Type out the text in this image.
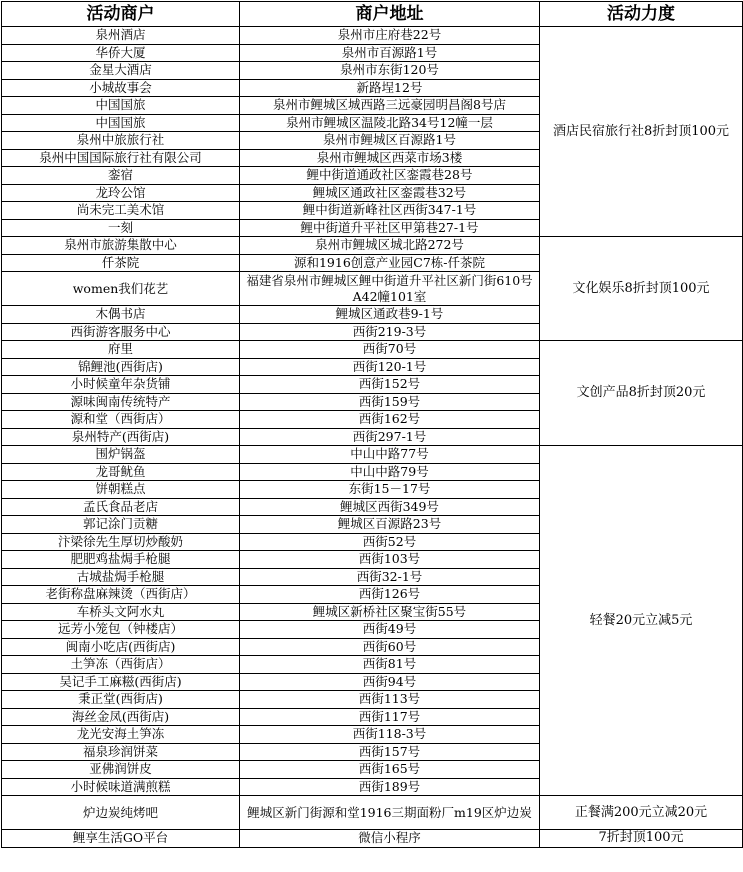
活动商户	商户地址	活动力度
泉州酒店	泉州市庄府巷22号	酒店民宿旅行社8折封顶100元
华侨大厦	泉州市百源路1号	
金星大酒店	泉州市东街120号	
小城故事会	新路埕12号	
中国国旅	泉州市鲤城区城西路三远豪园明昌阁8号店	
中国国旅	泉州市鲤城区温陵北路34号12幢一层	
泉州中旅旅行社	泉州市鲤城区百源路1号	
泉州中国国际旅行社有限公司	泉州市鲤城区西菜市场3楼	
銮宿	鲤中街道通政社区銮霞巷28号	
龙玲公馆	鲤城区通政社区銮霞巷32号	
尚未完工美术馆	鲤中街道新峰社区西街347-1号	
一刻	鲤中街道升平社区甲第巷27-1号	
泉州市旅游集散中心	泉州市鲤城区城北路272号	文化娱乐8折封顶100元
仟茶院	源和1916创意产业园C7栋-仟茶院	
women我们花艺	福建省泉州市鲤城区鲤中街道升平社区新门街610号A42幢101室	
木偶书店	鲤城区通政巷9-1号	
西街游客服务中心	西街219-3号	
府里	西街70号	文创产品8折封顶20元
锦鲤池(西街店)	西街120-1号	
小时候童年杂货铺	西街152号	
源味闽南传统特产	西街159号	
源和堂（西街店）	西街162号	
泉州特产(西街店)	西街297-1号	
围炉锅盔	中山中路77号	轻餐20元立减5元
龙哥鱿鱼	中山中路79号	
饼朝糕点	东街15－17号	
孟氏食品老店	鲤城区西街349号	
郭记涂门贡糖	鲤城区百源路23号	
汴梁徐先生厚切炒酸奶	西街52号	
肥肥鸡盐焗手枪腿	西街103号	
古城盐焗手枪腿	西街32-1号	
老街称盘麻辣烫（西街店）	西街126号	
车桥头文阿水丸	鲤城区新桥社区聚宝街55号	
远芳小笼包（钟楼店）	西街49号	
闽南小吃店(西街店)	西街60号	
土笋冻（西街店）	西街81号	
吴记手工麻糍(西街店)	西街94号	
秉正堂(西街店)	西街113号	
海丝金凤(西街店)	西街117号	
龙光安海土笋冻	西街118-3号	
福泉珍润饼菜	西街157号	
亚佛润饼皮	西街165号	
小时候味道满煎糕	西街189号	
炉边炭纯烤吧	鲤城区新门街源和堂1916三期面粉厂m19区炉边炭	正餐满200元立减20元
鲤享生活GO平台	微信小程序	7折封顶100元
